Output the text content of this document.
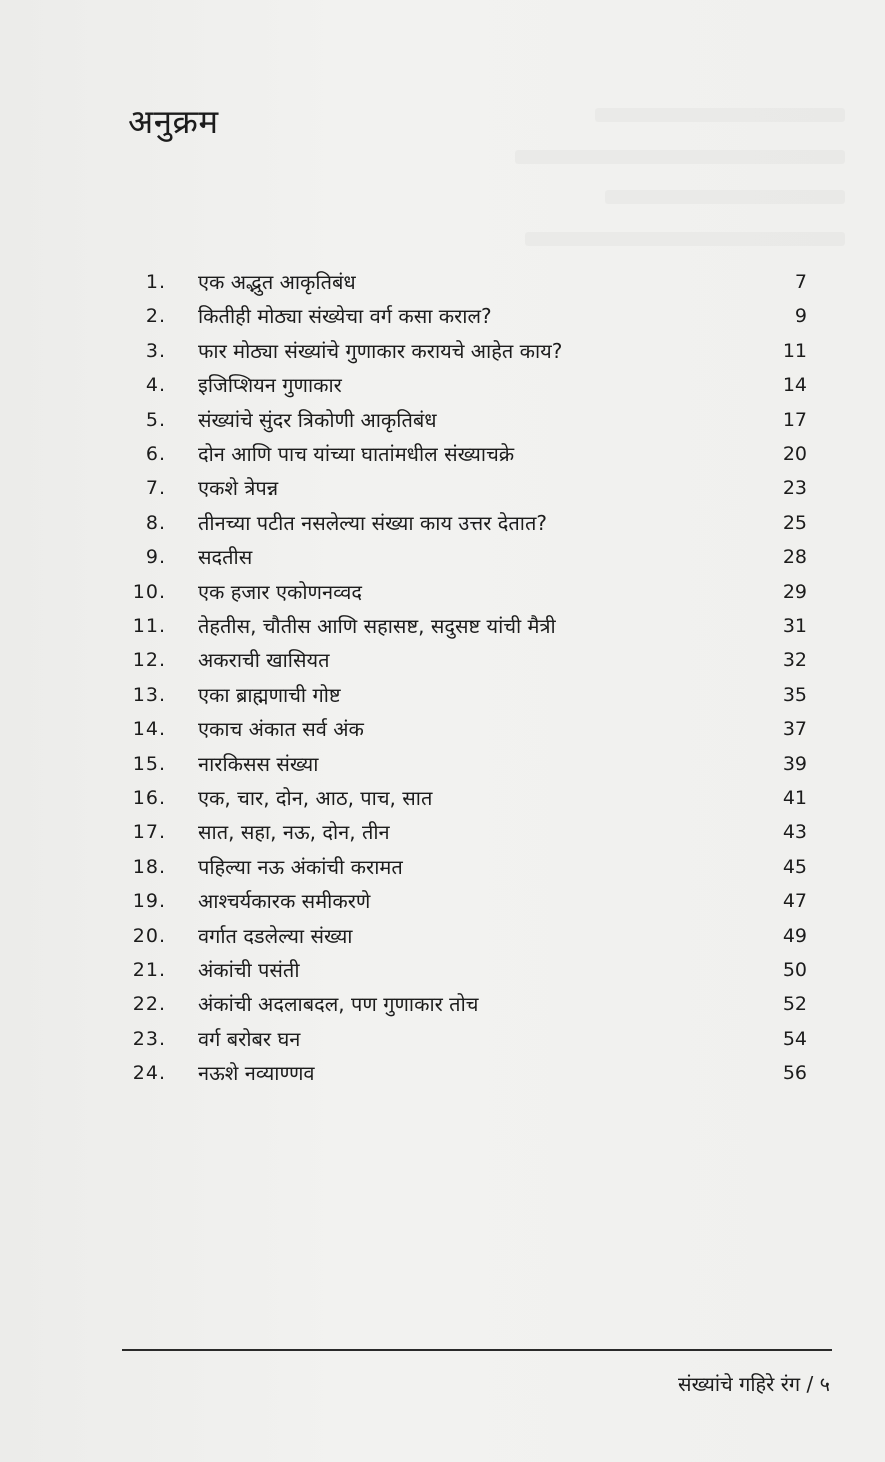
अनुक्रम
1. एक अद्भुत आकृतिबंध	7
2. कितीही मोठ्या संख्येचा वर्ग कसा कराल?	9
3. फार मोठ्या संख्यांचे गुणाकार करायचे आहेत काय?	11
4. इजिप्शियन गुणाकार	14
5. संख्यांचे सुंदर त्रिकोणी आकृतिबंध	17
6. दोन आणि पाच यांच्या घातांमधील संख्याचक्रे	20
7. एकशे त्रेपन्न	23
8. तीनच्या पटीत नसलेल्या संख्या काय उत्तर देतात?	25
9. सदतीस	28
10. एक हजार एकोणनव्वद	29
11. तेहतीस, चौतीस आणि सहासष्ट, सदुसष्ट यांची मैत्री	31
12. अकराची खासियत	32
13. एका ब्राह्मणाची गोष्ट	35
14. एकाच अंकात सर्व अंक	37
15. नारकिसस संख्या	39
16. एक, चार, दोन, आठ, पाच, सात	41
17. सात, सहा, नऊ, दोन, तीन	43
18. पहिल्या नऊ अंकांची करामत	45
19. आश्चर्यकारक समीकरणे	47
20. वर्गात दडलेल्या संख्या	49
21. अंकांची पसंती	50
22. अंकांची अदलाबदल, पण गुणाकार तोच	52
23. वर्ग बरोबर घन	54
24. नऊशे नव्याण्णव	56
संख्यांचे गहिरे रंग / ५
